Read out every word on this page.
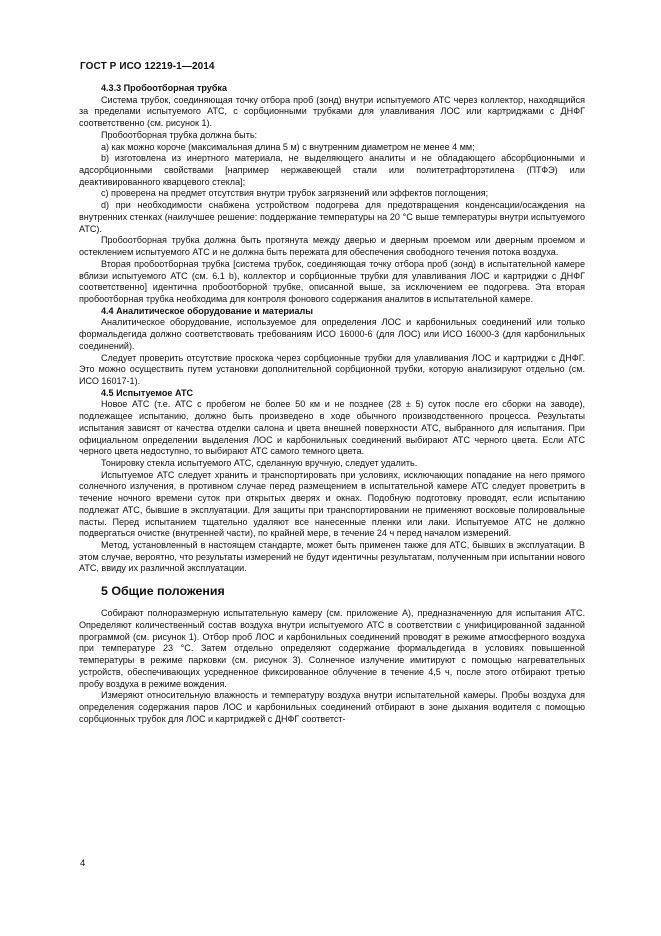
ГОСТ Р ИСО 12219-1—2014
4.3.3 Пробоотборная трубка

Система трубок, соединяющая точку отбора проб (зонд) внутри испытуемого АТС через коллектор, находящийся за пределами испытуемого АТС, с сорбционными трубками для улавливания ЛОС или картриджами с ДНФГ соответственно (см. рисунок 1).

Пробоотборная трубка должна быть:

a) как можно короче (максимальная длина 5 м) с внутренним диаметром не менее 4 мм;

b) изготовлена из инертного материала, не выделяющего аналиты и не обладающего абсорбционными и адсорбционными свойствами [например нержавеющей стали или политетрафторэтилена (ПТФЭ) или деактивированного кварцевого стекла];

c) проверена на предмет отсутствия внутри трубок загрязнений или эффектов поглощения;

d) при необходимости снабжена устройством подогрева для предотвращения конденсации/осаждения на внутренних стенках (наилучшее решение: поддержание температуры на 20 °С выше температуры внутри испытуемого АТС).

Пробоотборная трубка должна быть протянута между дверью и дверным проемом или дверным проемом и остеклением испытуемого АТС и не должна быть пережата для обеспечения свободного течения потока воздуха.

Вторая пробоотборная трубка [система трубок, соединяющая точку отбора проб (зонд) в испытательной камере вблизи испытуемого АТС (см. 6.1 b), коллектор и сорбционные трубки для улавливания ЛОС и картриджи с ДНФГ соответственно] идентична пробоотборной трубке, описанной выше, за исключением ее подогрева. Эта вторая пробоотборная трубка необходима для контроля фонового содержания аналитов в испытательной камере.

4.4 Аналитическое оборудование и материалы

Аналитическое оборудование, используемое для определения ЛОС и карбонильных соединений или только формальдегида должно соответствовать требованиям ИСО 16000-6 (для ЛОС) или ИСО 16000-3 (для карбонильных соединений).

Следует проверить отсутствие проскока через сорбционные трубки для улавливания ЛОС и картриджи с ДНФГ. Это можно осуществить путем установки дополнительной сорбционной трубки, которую анализируют отдельно (см. ИСО 16017-1).

4.5 Испытуемое АТС

Новое АТС (т.е. АТС с пробегом не более 50 км и не позднее (28 ± 5) суток после его сборки на заводе), подлежащее испытанию, должно быть произведено в ходе обычного производственного процесса. Результаты испытания зависят от качества отделки салона и цвета внешней поверхности АТС, выбранного для испытания. При официальном определении выделения ЛОС и карбонильных соединений выбирают АТС черного цвета. Если АТС черного цвета недоступно, то выбирают АТС самого темного цвета.

Тонировку стекла испытуемого АТС, сделанную вручную, следует удалить.

Испытуемое АТС следует хранить и транспортировать при условиях, исключающих попадание на него прямого солнечного излучения, в противном случае перед размещением в испытательной камере АТС следует проветрить в течение ночного времени суток при открытых дверях и окнах. Подобную подготовку проводят, если испытанию подлежат АТС, бывшие в эксплуатации. Для защиты при транспортировании не применяют восковые полировальные пасты. Перед испытанием тщательно удаляют все нанесенные пленки или лаки. Испытуемое АТС не должно подвергаться очистке (внутренней части), по крайней мере, в течение 24 ч перед началом измерений.

Метод, установленный в настоящем стандарте, может быть применен также для АТС, бывших в эксплуатации. В этом случае, вероятно, что результаты измерений не будут идентичны результатам, полученным при испытании нового АТС, ввиду их различной эксплуатации.

5 Общие положения

Собирают полноразмерную испытательную камеру (см. приложение А), предназначенную для испытания АТС. Определяют количественный состав воздуха внутри испытуемого АТС в соответствии с унифицированной заданной программой (см. рисунок 1). Отбор проб ЛОС и карбонильных соединений проводят в режиме атмосферного воздуха при температуре 23 °С. Затем отдельно определяют содержание формальдегида в условиях повышенной температуры в режиме парковки (см. рисунок 3). Солнечное излучение имитируют с помощью нагревательных устройств, обеспечивающих усредненное фиксированное облучение в течение 4,5 ч, после этого отбирают третью пробу воздуха в режиме вождения.

Измеряют относительную влажность и температуру воздуха внутри испытательной камеры. Пробы воздуха для определения содержания паров ЛОС и карбонильных соединений отбирают в зоне дыхания водителя с помощью сорбционных трубок для ЛОС и картриджей с ДНФГ соответст-

4
